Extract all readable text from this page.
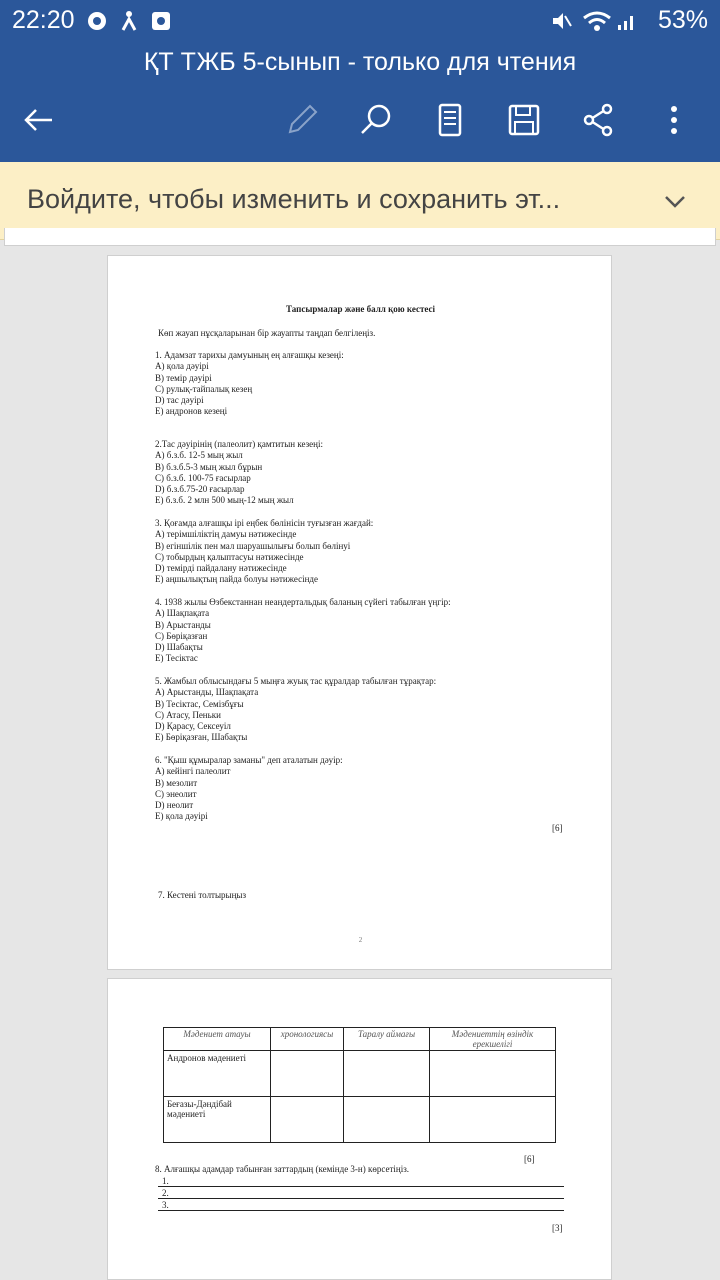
22:20	53%
ҚТ ТЖБ 5-сынып - только для чтения
Войдите, чтобы изменить и сохранить эт...
Тапсырмалар және балл қою кестесі
Көп жауап нұсқаларынан бір жауапты таңдап белгілеңіз.
1. Адамзат тарихы дамуының ең алғашқы кезеңі:
А) қола дәуірі
В) темір дәуірі
С) рулық-тайпалық кезең
D) тас дәуірі
Е) андронов кезеңі
2.Тас дәуірінің (палеолит) қамтитын кезеңі:
А) б.з.б. 12-5 мың жыл
В) б.з.б.5-3 мың жыл бұрын
С) б.з.б. 100-75 ғасырлар
D) б.з.б.75-20 ғасырлар
Е) б.з.б. 2 млн 500 мың-12 мың жыл
3. Қоғамда алғашқы ірі еңбек бөлінісін туғызған жағдай:
А) терімшіліктің дамуы нәтижесінде
В) егіншілік пен мал шаруашылығы болып бөлінуі
С) тобырдың қалыптасуы нәтижесінде
D) темірді пайдалану нәтижесінде
Е) аңшылықтың пайда болуы нәтижесінде
4. 1938 жылы Өзбекстаннан неандертальдық баланың сүйегі табылған үңгір:
А) Шақпақата
В) Арыстанды
С) Бөріқазған
D) Шабақты
Е) Тесіктас
5. Жамбыл облысындағы 5 мыңға жуық тас құралдар табылған тұрақтар:
А) Арыстанды, Шақпақата
В) Тесіктас, Семізбұғы
С) Атасу, Пеньки
D) Қарасу, Сексеуіл
Е) Бөріқазған, Шабақты
6. "Қыш құмыралар заманы" деп аталатын дәуір:
А) кейінгі палеолит
В) мезолит
С) энеолит
D) неолит
Е) қола дәуірі
[6]
7. Кестені толтырыңыз
2
Мәдениет атауы	хронологиясы	Таралу аймағы	Мәдениеттің өзіндік ерекшелігі
Андронов мәдениеті			
Беғазы-Дәндібай мәдениеті			
[6]
8. Алғашқы адамдар табынған заттардың (кемінде 3-н) көрсетіңіз.
1.
2.
3.
[3]
